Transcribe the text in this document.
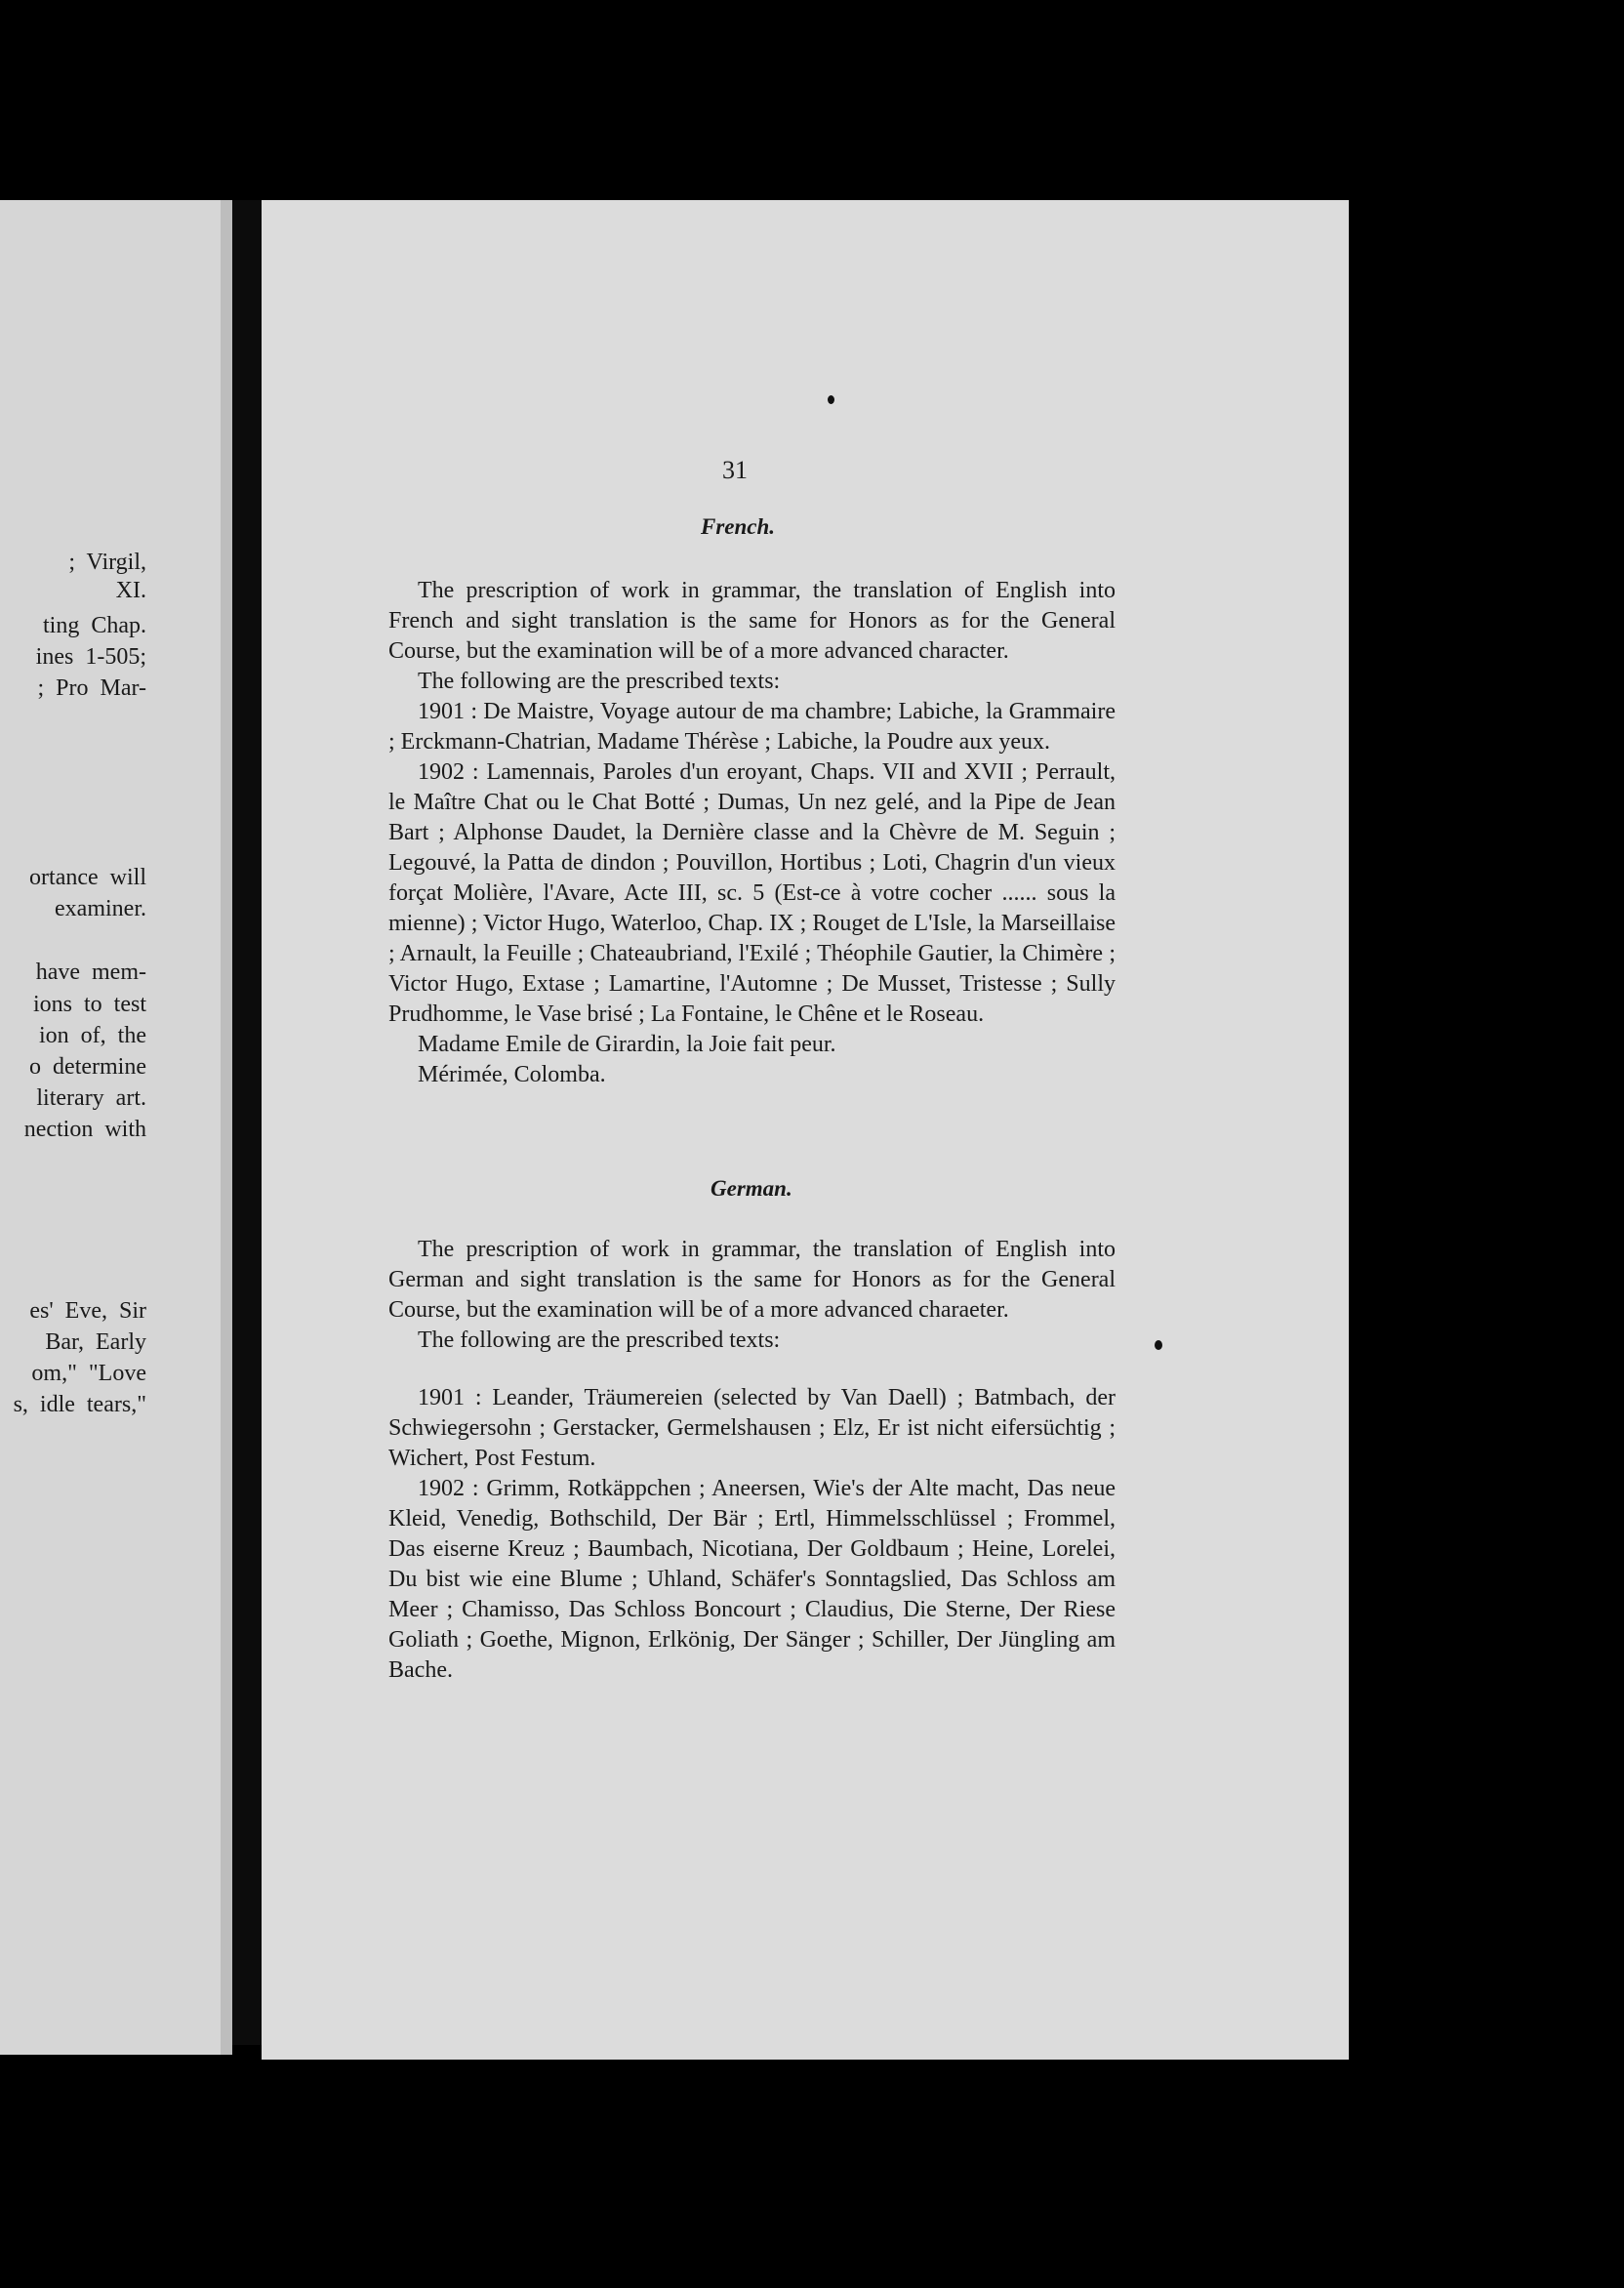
;  Virgil,
XI.
ting  Chap.
ines  1-505;
;  Pro  Mar-
ortance  will
examiner.
have  mem-
ions  to  test
ion  of,  the
o  determine
literary  art.
nection  with
es'  Eve,  Sir
Bar,  Early
om,"  "Love
s,  idle  tears,"
31
French.

The prescription of work in grammar, the translation of English into French and sight translation is the same for Honors as for the General Course, but the examination will be of a more advanced character.

The following are the prescribed texts:

1901 : De Maistre, Voyage autour de ma chambre; Labiche, la Grammaire ; Erckmann-Chatrian, Madame Thérèse ; Labiche, la Poudre aux yeux.

1902 : Lamennais, Paroles d'un eroyant, Chaps. VII and XVII ; Perrault, le Maître Chat ou le Chat Botté ; Dumas, Un nez gelé, and la Pipe de Jean Bart ; Alphonse Daudet, la Dernière classe and la Chèvre de M. Seguin ; Legouvé, la Patta de dindon ; Pouvillon, Hortibus ; Loti, Chagrin d'un vieux forçat Molière, l'Avare, Acte III, sc. 5 (Est-ce à votre cocher ...... sous la mienne) ; Victor Hugo, Waterloo, Chap. IX ; Rouget de L'Isle, la Marseillaise ; Arnault, la Feuille ; Chateaubriand, l'Exilé ; Théophile Gautier, la Chimère ; Victor Hugo, Extase ; Lamartine, l'Automne ; De Musset, Tristesse ; Sully Prudhomme, le Vase brisé ; La Fontaine, le Chêne et le Roseau.

Madame Emile de Girardin, la Joie fait peur.

Mérimée, Colomba.

German.

The prescription of work in grammar, the translation of English into German and sight translation is the same for Honors as for the General Course, but the examination will be of a more advanced charaeter.

The following are the prescribed texts:

1901 : Leander, Träumereien (selected by Van Daell) ; Batmbach, der Schwiegersohn ; Gerstacker, Germelshausen ; Elz, Er ist nicht eifersüchtig ; Wichert, Post Festum.

1902 : Grimm, Rotkäppchen ; Aneersen, Wie's der Alte macht, Das neue Kleid, Venedig, Bothschild, Der Bär ; Ertl, Himmelsschlüssel ; Frommel, Das eiserne Kreuz ; Baumbach, Nicotiana, Der Goldbaum ; Heine, Lorelei, Du bist wie eine Blume ; Uhland, Schäfer's Sonntagslied, Das Schloss am Meer ; Chamisso, Das Schloss Boncourt ; Claudius, Die Sterne, Der Riese Goliath ; Goethe, Mignon, Erlkönig, Der Sänger ; Schiller, Der Jüngling am Bache.
